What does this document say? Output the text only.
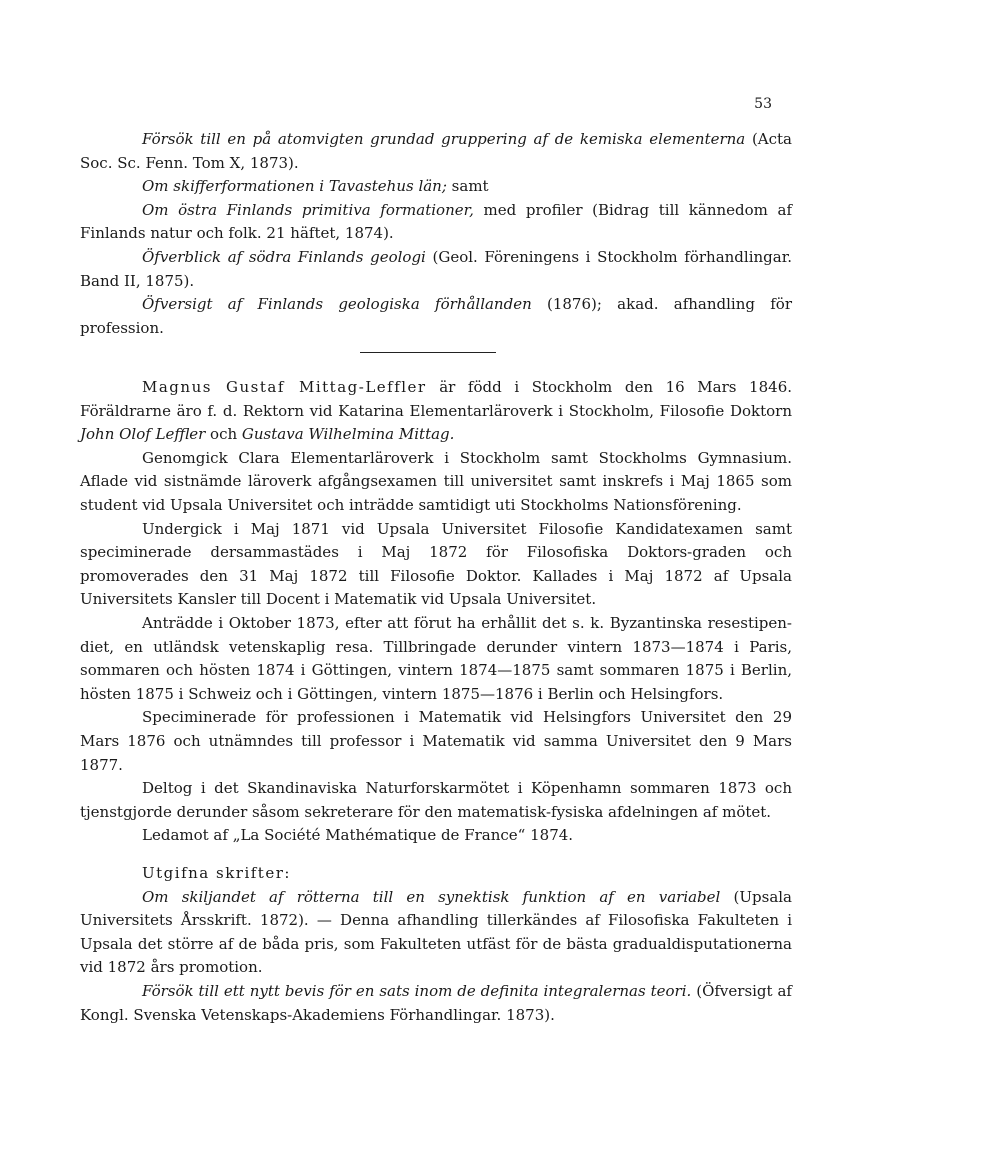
53

Försök till en på atomvigten grundad gruppering af de kemiska elementerna (Acta Soc. Sc. Fenn. Tom X, 1873).

Om skifferformationen i Tavastehus län; samt

Om östra Finlands primitiva formationer, med profiler (Bidrag till kännedom af Finlands natur och folk. 21 häftet, 1874).

Öfverblick af södra Finlands geologi (Geol. Föreningens i Stockholm förhandlingar. Band II, 1875).

Öfversigt af Finlands geologiska förhållanden (1876); akad. afhandling för profession.

Magnus Gustaf Mittag-Leffler är född i Stockholm den 16 Mars 1846. Föräldrarne äro f. d. Rektorn vid Katarina Elementarläroverk i Stockholm, Filosofie Doktorn John Olof Leffler och Gustava Wilhelmina Mittag.

Genomgick Clara Elementarläroverk i Stockholm samt Stockholms Gymnasium. Aflade vid sistnämde läroverk afgångsexamen till universitet samt inskrefs i Maj 1865 som student vid Upsala Universitet och inträdde samtidigt uti Stockholms Nationsförening.

Undergick i Maj 1871 vid Upsala Universitet Filosofie Kandidatexamen samt speciminerade dersammastädes i Maj 1872 för Filosofiska Doktors-graden och promoverades den 31 Maj 1872 till Filosofie Doktor. Kallades i Maj 1872 af Upsala Universitets Kansler till Docent i Matematik vid Upsala Universitet.

Anträdde i Oktober 1873, efter att förut ha erhållit det s. k. Byzantinska resestipendiet, en utländsk vetenskaplig resa. Tillbringade derunder vintern 1873—1874 i Paris, sommaren och hösten 1874 i Göttingen, vintern 1874—1875 samt sommaren 1875 i Berlin, hösten 1875 i Schweiz och i Göttingen, vintern 1875—1876 i Berlin och Helsingfors.

Speciminerade för professionen i Matematik vid Helsingfors Universitet den 29 Mars 1876 och utnämndes till professor i Matematik vid samma Universitet den 9 Mars 1877.

Deltog i det Skandinaviska Naturforskarmötet i Köpenhamn sommaren 1873 och tjenstgjorde derunder såsom sekreterare för den matematisk-fysiska afdelningen af mötet.

Ledamot af „La Société Mathématique de France“ 1874.

Utgifna skrifter:

Om skiljandet af rötterna till en synektisk funktion af en variabel (Upsala Universitets Årsskrift. 1872). — Denna afhandling tillerkändes af Filosofiska Fakulteten i Upsala det större af de båda pris, som Fakulteten utfäst för de bästa gradualdisputationerna vid 1872 års promotion.

Försök till ett nytt bevis för en sats inom de definita integralernas teori. (Öfversigt af Kongl. Svenska Vetenskaps-Akademiens Förhandlingar. 1873).
